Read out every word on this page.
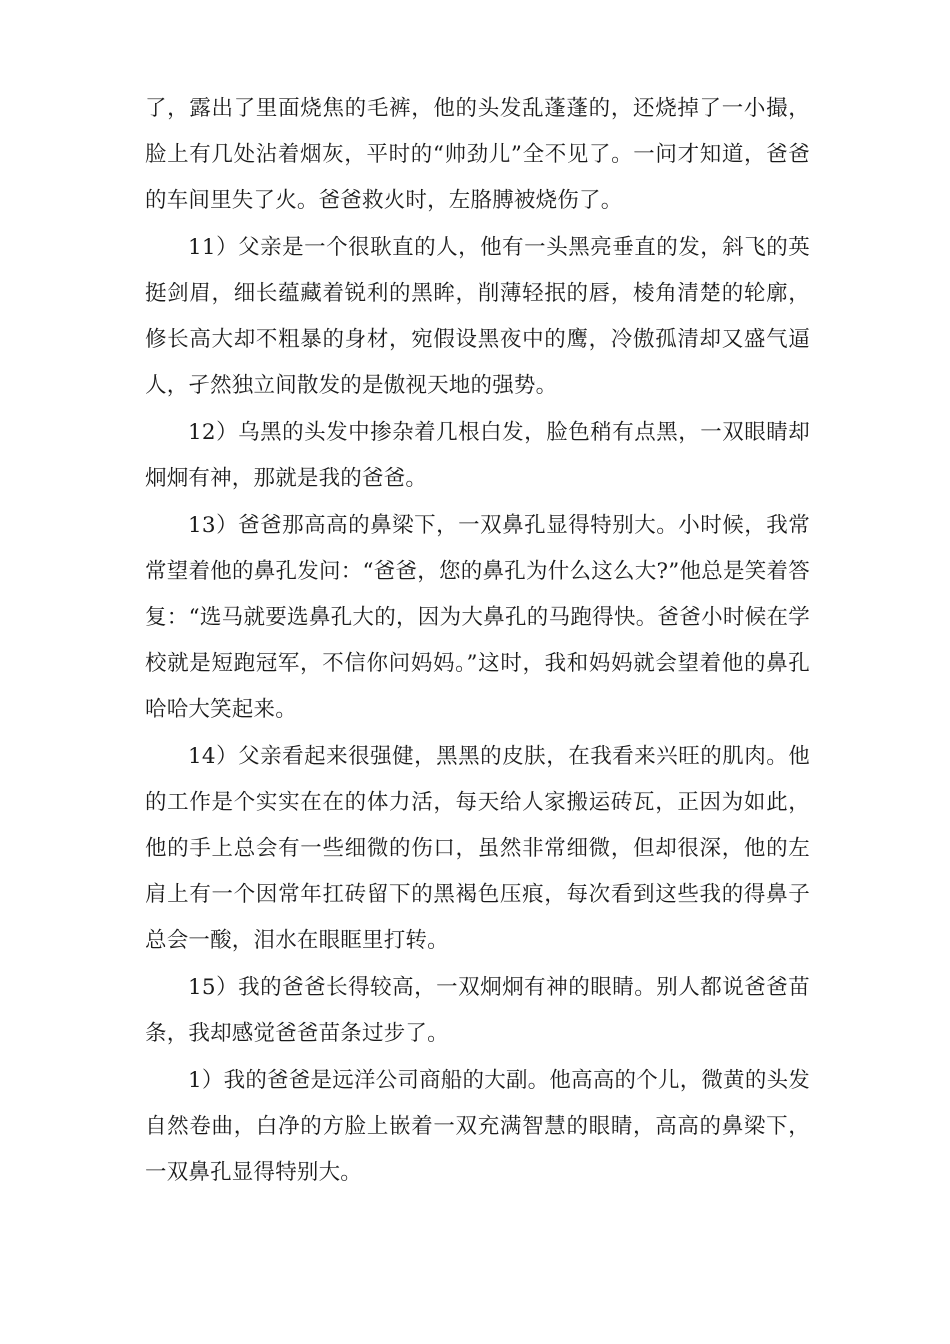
了，露出了里面烧焦的毛裤，他的头发乱蓬蓬的，还烧掉了一小撮，脸上有几处沾着烟灰，平时的“帅劲儿”全不见了。一问才知道，爸爸的车间里失了火。爸爸救火时，左胳膊被烧伤了。

11）父亲是一个很耿直的人，他有一头黑亮垂直的发，斜飞的英挺剑眉，细长蕴藏着锐利的黑眸，削薄轻抿的唇，棱角清楚的轮廓，修长高大却不粗暴的身材，宛假设黑夜中的鹰，冷傲孤清却又盛气逼人，孑然独立间散发的是傲视天地的强势。

12）乌黑的头发中掺杂着几根白发，脸色稍有点黑，一双眼睛却炯炯有神，那就是我的爸爸。

13）爸爸那高高的鼻梁下，一双鼻孔显得特别大。小时候，我常常望着他的鼻孔发问：“爸爸，您的鼻孔为什么这么大?”他总是笑着答复：“选马就要选鼻孔大的，因为大鼻孔的马跑得快。爸爸小时候在学校就是短跑冠军，不信你问妈妈。”这时，我和妈妈就会望着他的鼻孔哈哈大笑起来。

14）父亲看起来很强健，黑黑的皮肤，在我看来兴旺的肌肉。他的工作是个实实在在的体力活，每天给人家搬运砖瓦，正因为如此，他的手上总会有一些细微的伤口，虽然非常细微，但却很深，他的左肩上有一个因常年扛砖留下的黑褐色压痕，每次看到这些我的得鼻子总会一酸，泪水在眼眶里打转。

15）我的爸爸长得较高，一双炯炯有神的眼睛。别人都说爸爸苗条，我却感觉爸爸苗条过步了。

1）我的爸爸是远洋公司商船的大副。他高高的个儿，微黄的头发自然卷曲，白净的方脸上嵌着一双充满智慧的眼睛，高高的鼻梁下，一双鼻孔显得特别大。
